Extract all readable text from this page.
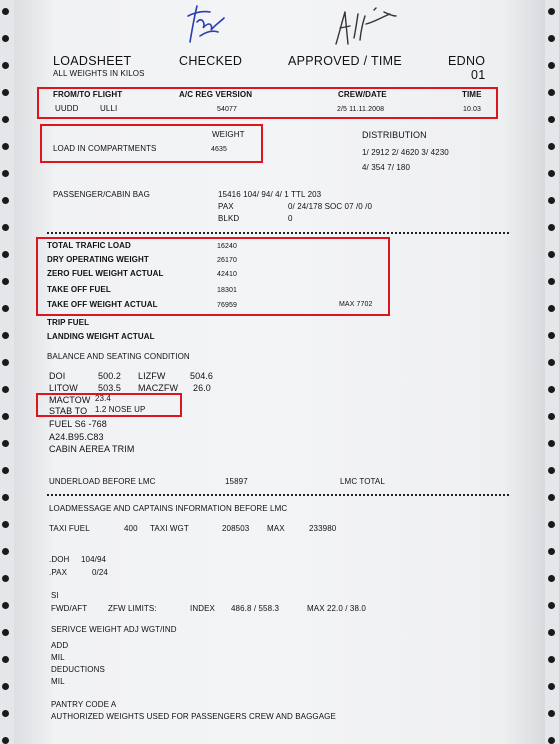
LOADSHEET
ALL WEIGHTS IN KILOS
CHECKED	APPROVED / TIME	EDNO
01
FROM/TO FLIGHT	A/C REG VERSION	CREW/DATE	TIME
UUDD	ULLI	54077	2/5 11.11.2008	10.03
WEIGHT
LOAD IN COMPARTMENTS	4635
DISTRIBUTION
1/ 2912 2/ 4620 3/ 4230
4/ 354 7/ 180
PASSENGER/CABIN BAG	15416 104/ 94/ 4/ 1 TTL 203
PAX	0/ 24/178 SOC 07 /0 /0
BLKD	0
TOTAL TRAFIC LOAD	16240
DRY OPERATING WEIGHT	26170
ZERO FUEL WEIGHT ACTUAL	42410
TAKE OFF FUEL	18301
TAKE OFF WEIGHT ACTUAL	76959	MAX 7702
TRIP FUEL
LANDING WEIGHT ACTUAL
BALANCE AND SEATING CONDITION
DOI	500.2 LIZFW	504.6
LITOW 503.5 MACZFW 26.0
MACTOW 23.4
STAB TO 1.2 NOSE UP
FUEL S6 -768
A24.B95.C83
CABIN AEREA TRIM
UNDERLOAD BEFORE LMC	15897	LMC TOTAL
LOADMESSAGE AND CAPTAINS INFORMATION BEFORE LMC
TAXI FUEL	400 TAXI WGT	208503 MAX	233980
.DOH 104/94
.PAX	0/24
SI
FWD/AFT	ZFW LIMITS:	INDEX 486.8 / 558.3	MAX 22.0 / 38.0
SERIVCE WEIGHT ADJ WGT/IND
ADD
MIL
DEDUCTIONS
MIL
PANTRY CODE A
AUTHORIZED WEIGHTS USED FOR PASSENGERS CREW AND BAGGAGE
